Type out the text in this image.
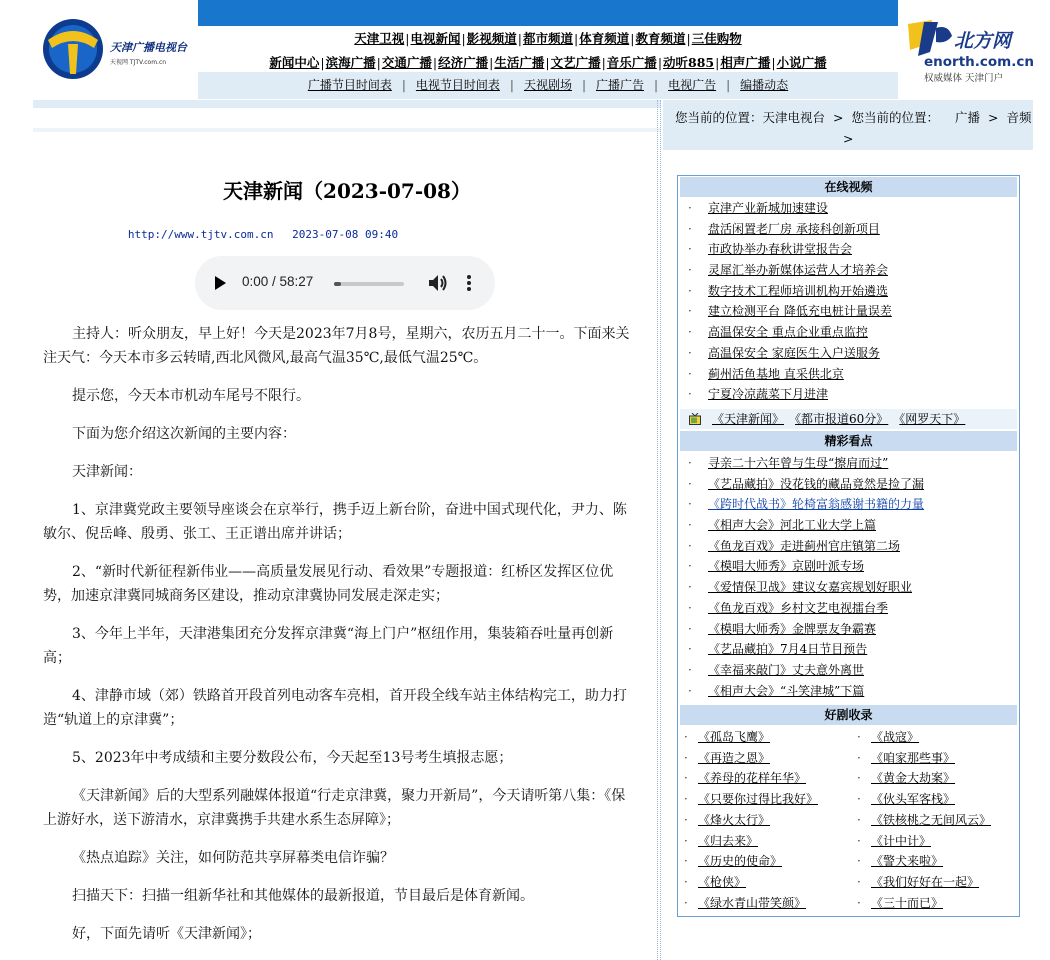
天津广播电视台
天视网 TJTV.com.cn
天津卫视|电视新闻|影视频道|都市频道|体育频道|教育频道|三佳购物
新闻中心|滨海广播|交通广播|经济广播|生活广播|文艺广播|音乐广播|动听885|相声广播|小说广播
广播节目时间表 | 电视节目时间表 | 天视剧场 | 广播广告 | 电视广告 | 编播动态
北方网
enorth.com.cn
权威媒体 天津门户
天津新闻（2023-07-08）
http://www.tjtv.com.cn 2023-07-08 09:40
0:00 / 58:27

主持人：听众朋友，早上好！今天是2023年7月8号，星期六，农历五月二十一。下面来关注天气：今天本市多云转晴,西北风微风,最高气温35℃,最低气温25℃。

提示您，今天本市机动车尾号不限行。

下面为您介绍这次新闻的主要内容：

天津新闻：

1、京津冀党政主要领导座谈会在京举行，携手迈上新台阶，奋进中国式现代化，尹力、陈敏尔、倪岳峰、殷勇、张工、王正谱出席并讲话；

2、“新时代新征程新伟业——高质量发展见行动、看效果”专题报道：红桥区发挥区位优势，加速京津冀同城商务区建设，推动京津冀协同发展走深走实；

3、今年上半年，天津港集团充分发挥京津冀“海上门户”枢纽作用，集装箱吞吐量再创新高；

4、津静市域（郊）铁路首开段首列电动客车亮相，首开段全线车站主体结构完工，助力打造“轨道上的京津冀”；

5、2023年中考成绩和主要分数段公布，今天起至13号考生填报志愿；

《天津新闻》后的大型系列融媒体报道“行走京津冀，聚力开新局”，今天请听第八集：《保上游好水，送下游清水，京津冀携手共建水系生态屏障》；

《热点追踪》关注，如何防范共享屏幕类电信诈骗？

扫描天下：扫描一组新华社和其他媒体的最新报道，节目最后是体育新闻。

好，下面先请听《天津新闻》；

您当前的位置：天津电视台 > 您当前的位置： 广播 > 音频
>
在线视频
· 京津产业新城加速建设
· 盘活闲置老厂房 承接科创新项目
· 市政协举办春秋讲堂报告会
· 灵犀汇举办新媒体运营人才培养会
· 数字技术工程师培训机构开始遴选
· 建立检测平台 降低充电桩计量误差
· 高温保安全 重点企业重点监控
· 高温保安全 家庭医生入户送服务
· 蓟州活鱼基地 直采供北京
· 宁夏冷凉蔬菜下月进津
《天津新闻》 《都市报道60分》 《网罗天下》
精彩看点
· 寻亲二十六年曾与生母“擦肩而过”
· 《艺品藏拍》没花钱的藏品竟然是捡了漏
· 《跨时代战书》轮椅富翁感谢书籍的力量
· 《相声大会》河北工业大学上篇
· 《鱼龙百戏》走进蓟州官庄镇第二场
· 《模唱大师秀》京剧叶派专场
· 《爱情保卫战》建议女嘉宾规划好职业
· 《鱼龙百戏》乡村文艺电视擂台季
· 《模唱大师秀》金牌票友争霸赛
· 《艺品藏拍》7月4日节目预告
· 《幸福来敲门》丈夫意外离世
· 《相声大会》“斗笑津城”下篇
好剧收录
· 《孤岛飞鹰》
· 《再造之恩》
· 《养母的花样年华》
· 《只要你过得比我好》
· 《烽火太行》
· 《归去来》
· 《历史的使命》
· 《枪侠》
· 《绿水青山带笑颜》
· 《战寇》
· 《咱家那些事》
· 《黄金大劫案》
· 《伙头军客栈》
· 《铁核桃之无间风云》
· 《计中计》
· 《警犬来啦》
· 《我们好好在一起》
· 《三十而已》
